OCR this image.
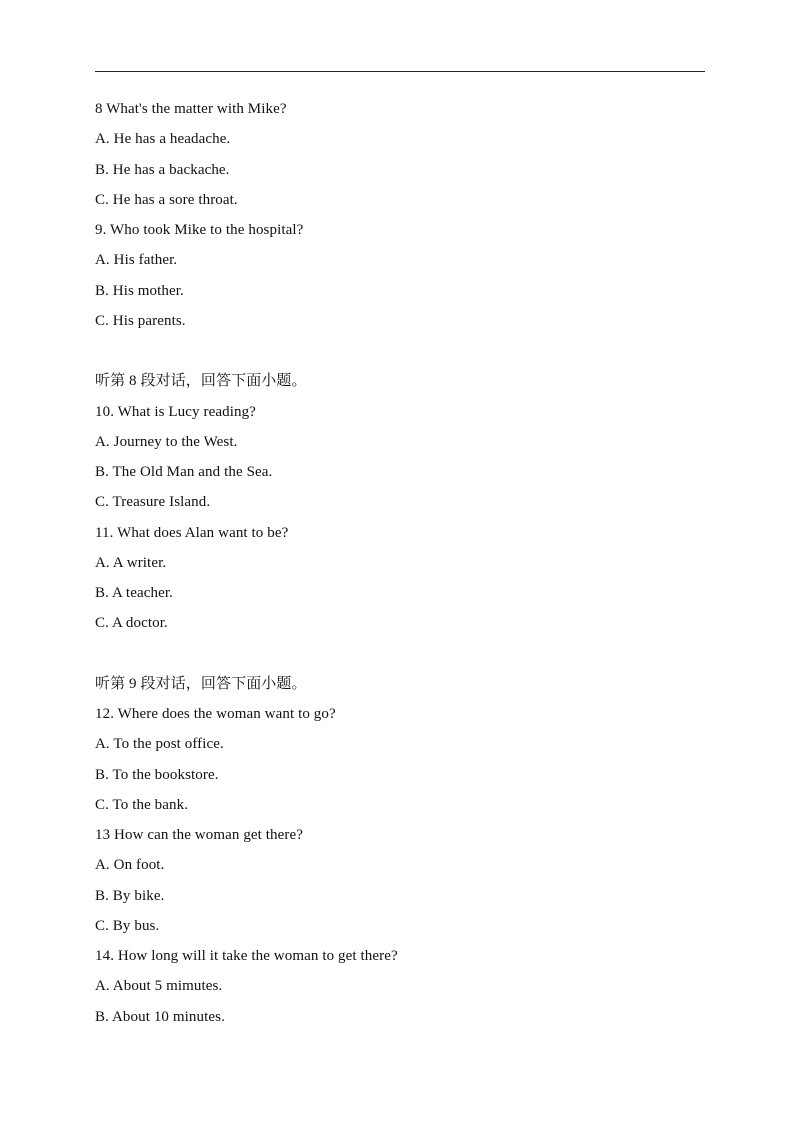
8 What's the matter with Mike?
A. He has a headache.
B. He has a backache.
C. He has a sore throat.
9. Who took Mike to the hospital?
A. His father.
B. His mother.
C. His parents.
听第 8 段对话，回答下面小题。
10. What is Lucy reading?
A. Journey to the West.
B. The Old Man and the Sea.
C. Treasure Island.
11. What does Alan want to be?
A. A writer.
B. A teacher.
C. A doctor.
听第 9 段对话，回答下面小题。
12. Where does the woman want to go?
A. To the post office.
B. To the bookstore.
C. To the bank.
13 How can the woman get there?
A. On foot.
B. By bike.
C. By bus.
14. How long will it take the woman to get there?
A. About 5 mimutes.
B. About 10 minutes.
